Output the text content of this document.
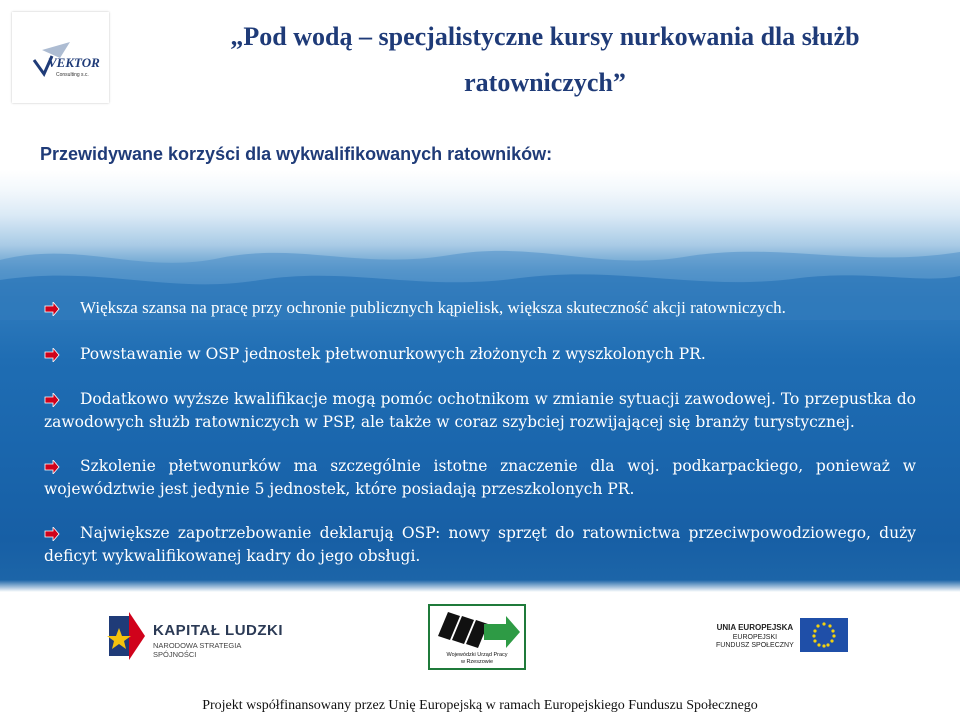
VEKTOR
Consulting s.c.
„Pod wodą – specjalistyczne kursy nurkowania dla służb
ratowniczych”
Przewidywane korzyści dla wykwalifikowanych ratowników:
Większa szansa na pracę przy ochronie publicznych kąpielisk, większa skuteczność akcji ratowniczych.
Powstawanie w OSP jednostek płetwonurkowych złożonych z wyszkolonych PR.
Dodatkowo wyższe kwalifikacje mogą pomóc ochotnikom w zmianie sytuacji zawodowej. To przepustka do zawodowych służb ratowniczych w PSP, ale także w coraz szybciej rozwijającej się branży turystycznej.
Szkolenie płetwonurków ma szczególnie istotne znaczenie dla woj. podkarpackiego, ponieważ w województwie jest jedynie 5 jednostek, które posiadają przeszkolonych PR.
Największe zapotrzebowanie deklarują OSP: nowy sprzęt do ratownictwa przeciwpowodziowego, duży deficyt wykwalifikowanej kadry do jego obsługi.
KAPITAŁ LUDZKI
NARODOWA STRATEGIA SPÓJNOŚCI	Wojewódzki Urząd Pracy
w Rzeszowie
UNIA EUROPEJSKA
EUROPEJSKI
FUNDUSZ SPOŁECZNY
Projekt współfinansowany przez Unię Europejską w ramach Europejskiego Funduszu Społecznego
